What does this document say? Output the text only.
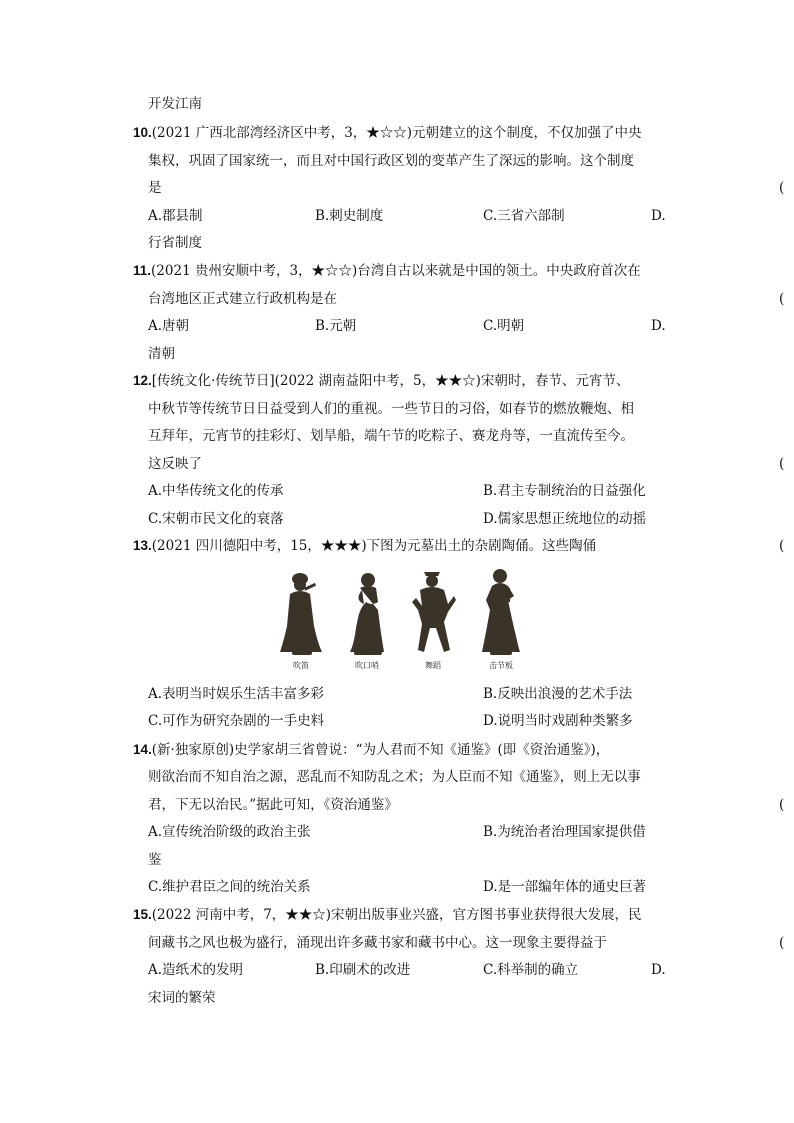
开发江南
10.(2021 广西北部湾经济区中考，3，★☆☆)元朝建立的这个制度，不仅加强了中央
集权，巩固了国家统一，而且对中国行政区划的变革产生了深远的影响。这个制度
是	(
A.郡县制	B.刺史制度	C.三省六部制	D.
行省制度
11.(2021 贵州安顺中考，3，★☆☆)台湾自古以来就是中国的领土。中央政府首次在
台湾地区正式建立行政机构是在	(
A.唐朝	B.元朝	C.明朝	D.
清朝
12.[传统文化·传统节日](2022 湖南益阳中考，5，★★☆)宋朝时，春节、元宵节、
中秋节等传统节日日益受到人们的重视。一些节日的习俗，如春节的燃放鞭炮、相
互拜年，元宵节的挂彩灯、划旱船，端午节的吃粽子、赛龙舟等，一直流传至今。
这反映了	(
A.中华传统文化的传承	B.君主专制统治的日益强化
C.宋朝市民文化的衰落	D.儒家思想正统地位的动摇
13.(2021 四川德阳中考，15，★★★)下图为元墓出土的杂剧陶俑。这些陶俑	(
吹笛	吹口哨	舞蹈	击节板
A.表明当时娱乐生活丰富多彩	B.反映出浪漫的艺术手法
C.可作为研究杂剧的一手史料	D.说明当时戏剧种类繁多
14.(新·独家原创)史学家胡三省曾说：“为人君而不知《通鉴》(即《资治通鉴》)，
则欲治而不知自治之源，恶乱而不知防乱之术；为人臣而不知《通鉴》，则上无以事
君，下无以治民。”据此可知，《资治通鉴》	(
A.宣传统治阶级的政治主张	B.为统治者治理国家提供借
鉴
C.维护君臣之间的统治关系	D.是一部编年体的通史巨著
15.(2022 河南中考，7，★★☆)宋朝出版事业兴盛，官方图书事业获得很大发展，民
间藏书之风也极为盛行，涌现出许多藏书家和藏书中心。这一现象主要得益于	(
A.造纸术的发明	B.印刷术的改进	C.科举制的确立	D.
宋词的繁荣
